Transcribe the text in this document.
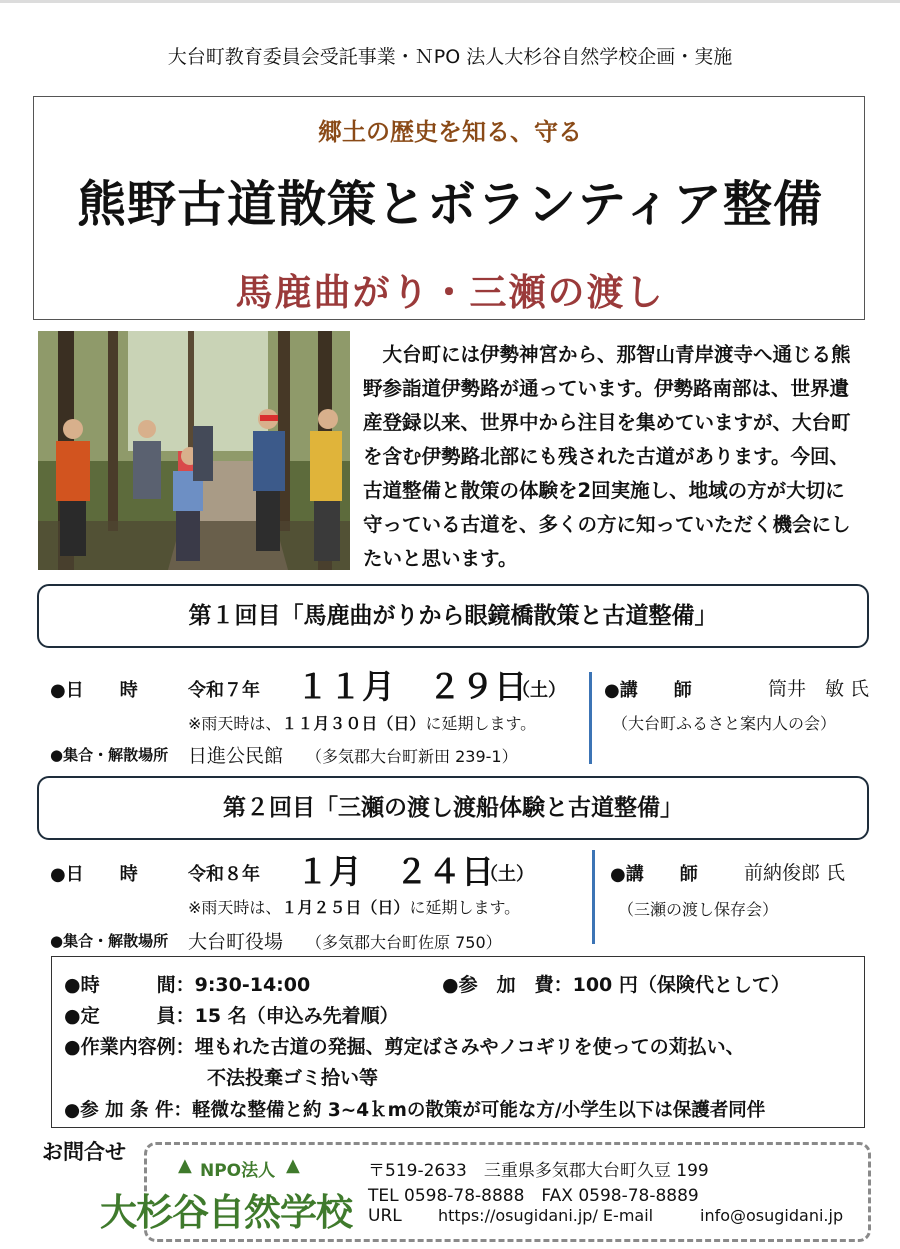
大台町教育委員会受託事業・ＮPO 法人大杉谷自然学校企画・実施
郷土の歴史を知る、守る
熊野古道散策とボランティア整備
馬鹿曲がり・三瀬の渡し
大台町には伊勢神宮から、那智山青岸渡寺へ通じる熊野参詣道伊勢路が通っています。伊勢路南部は、世界遺産登録以来、世界中から注目を集めていますが、大台町を含む伊勢路北部にも残された古道があります。今回、古道整備と散策の体験を2回実施し、地域の方が大切に守っている古道を、多くの方に知っていただく機会にしたいと思います。
第１回目「馬鹿曲がりから眼鏡橋散策と古道整備」
●日　　時	令和７年 １１月　２９日
（土）
※雨天時は、１１月３０日（日）に延期します。
●集合・解散場所 日進公民館 （多気郡大台町新田 239-1）
●講　　師	筒井　敏 氏
（大台町ふるさと案内人の会）
第２回目「三瀬の渡し渡船体験と古道整備」
●日　　時	令和８年 １月　２４日
（土）
※雨天時は、１月２５日（日）に延期します。
●集合・解散場所 大台町役場 （多気郡大台町佐原 750）
●講　　師 前納俊郎 氏
（三瀬の渡し保存会）
●時　　　間：9:30-14:00	●参　加　費：100 円（保険代として）
●定　　　員：15 名（申込み先着順）
●作業内容例：埋もれた古道の発掘、剪定ばさみやノコギリを使っての苅払い、
不法投棄ゴミ拾い等
●参 加 条 件：軽微な整備と約 3~4ｋmの散策が可能な方/小学生以下は保護者同伴
お問合せ
NPO法人
▲	▲
大杉谷自然学校
〒519-2633　三重県多気郡大台町久豆 199
TEL 0598-78-8888　FAX 0598-78-8889
URL https://osugidani.jp/ E-mail	info@osugidani.jp
